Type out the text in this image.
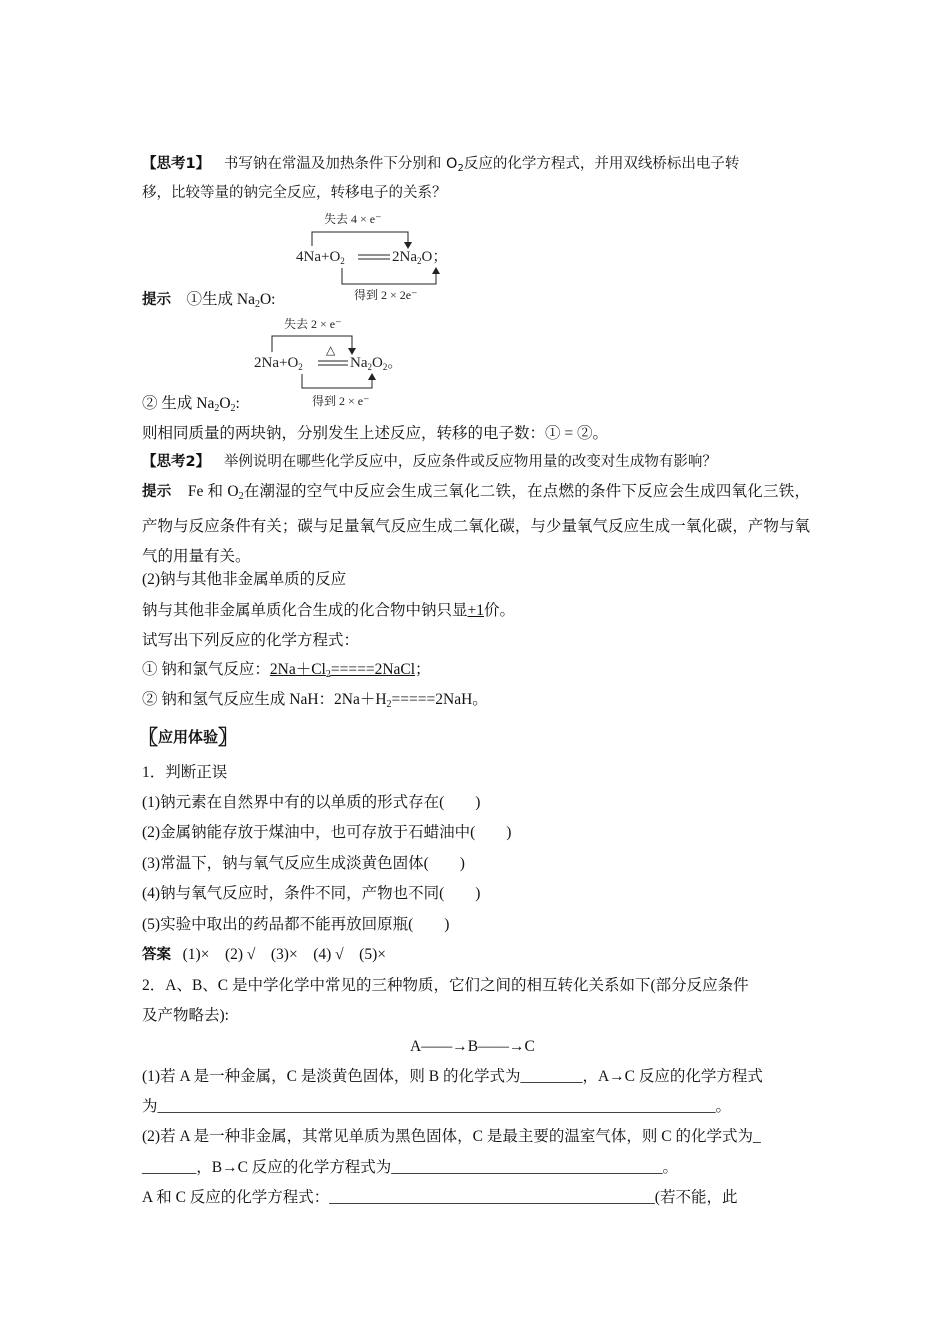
【思考1】 书写钠在常温及加热条件下分别和 $O_2$反应的化学方程式，并用双线桥标出电子转
移，比较等量的钠完全反应，转移电子的关系？
失去 4 × e⁻
$4Na+O_2$	$2Na_2O$；
得到 2 × 2e⁻
提示 ①生成 $Na_2O$:
失去 2 × e⁻
$2Na+O_2$
△
$Na_2O_2$。
得到 2 × e⁻
② 生成 $Na_2O_2$:
则相同质量的两块钠，分别发生上述反应，转移的电子数：① = ②。
【思考2】 举例说明在哪些化学反应中，反应条件或反应物用量的改变对生成物有影响？
提示 Fe 和 $O_2$在潮湿的空气中反应会生成三氧化二铁，在点燃的条件下反应会生成四氧化三铁，产物与反应条件有关；碳与足量氧气反应生成二氧化碳，与少量氧气反应生成一氧化碳，产物与氧气的用量有关。
(2)钠与其他非金属单质的反应
钠与其他非金属单质化合生成的化合物中钠只显+1价。
试写出下列反应的化学方程式：
① 钠和氯气反应：$2Na+Cl_2=====2NaCl$；
② 钠和氢气反应生成 NaH：$2Na+H_2=====2NaH$。
〖应用体验〗
1．判断正误
(1)钠元素在自然界中有的以单质的形式存在(　　)
(2)金属钠能存放于煤油中，也可存放于石蜡油中(　　)
(3)常温下，钠与氧气反应生成淡黄色固体(　　)
(4)钠与氧气反应时，条件不同，产物也不同(　　)
(5)实验中取出的药品都不能再放回原瓶(　　)
答案 (1)×　(2) √　(3)×　(4) √　(5)×
2．A、B、C 是中学化学中常见的三种物质，它们之间的相互转化关系如下(部分反应条件
及产物略去):
A——→B——→C
(1)若 A 是一种金属，C 是淡黄色固体，则 B 的化学式为________，A→C 反应的化学方程式
为________________________________________________________________________。
(2)若 A 是一种非金属，其常见单质为黑色固体，C 是最主要的温室气体，则 C 的化学式为_
_______，B→C 反应的化学方程式为___________________________________。
A 和 C 反应的化学方程式：__________________________________________(若不能，此
